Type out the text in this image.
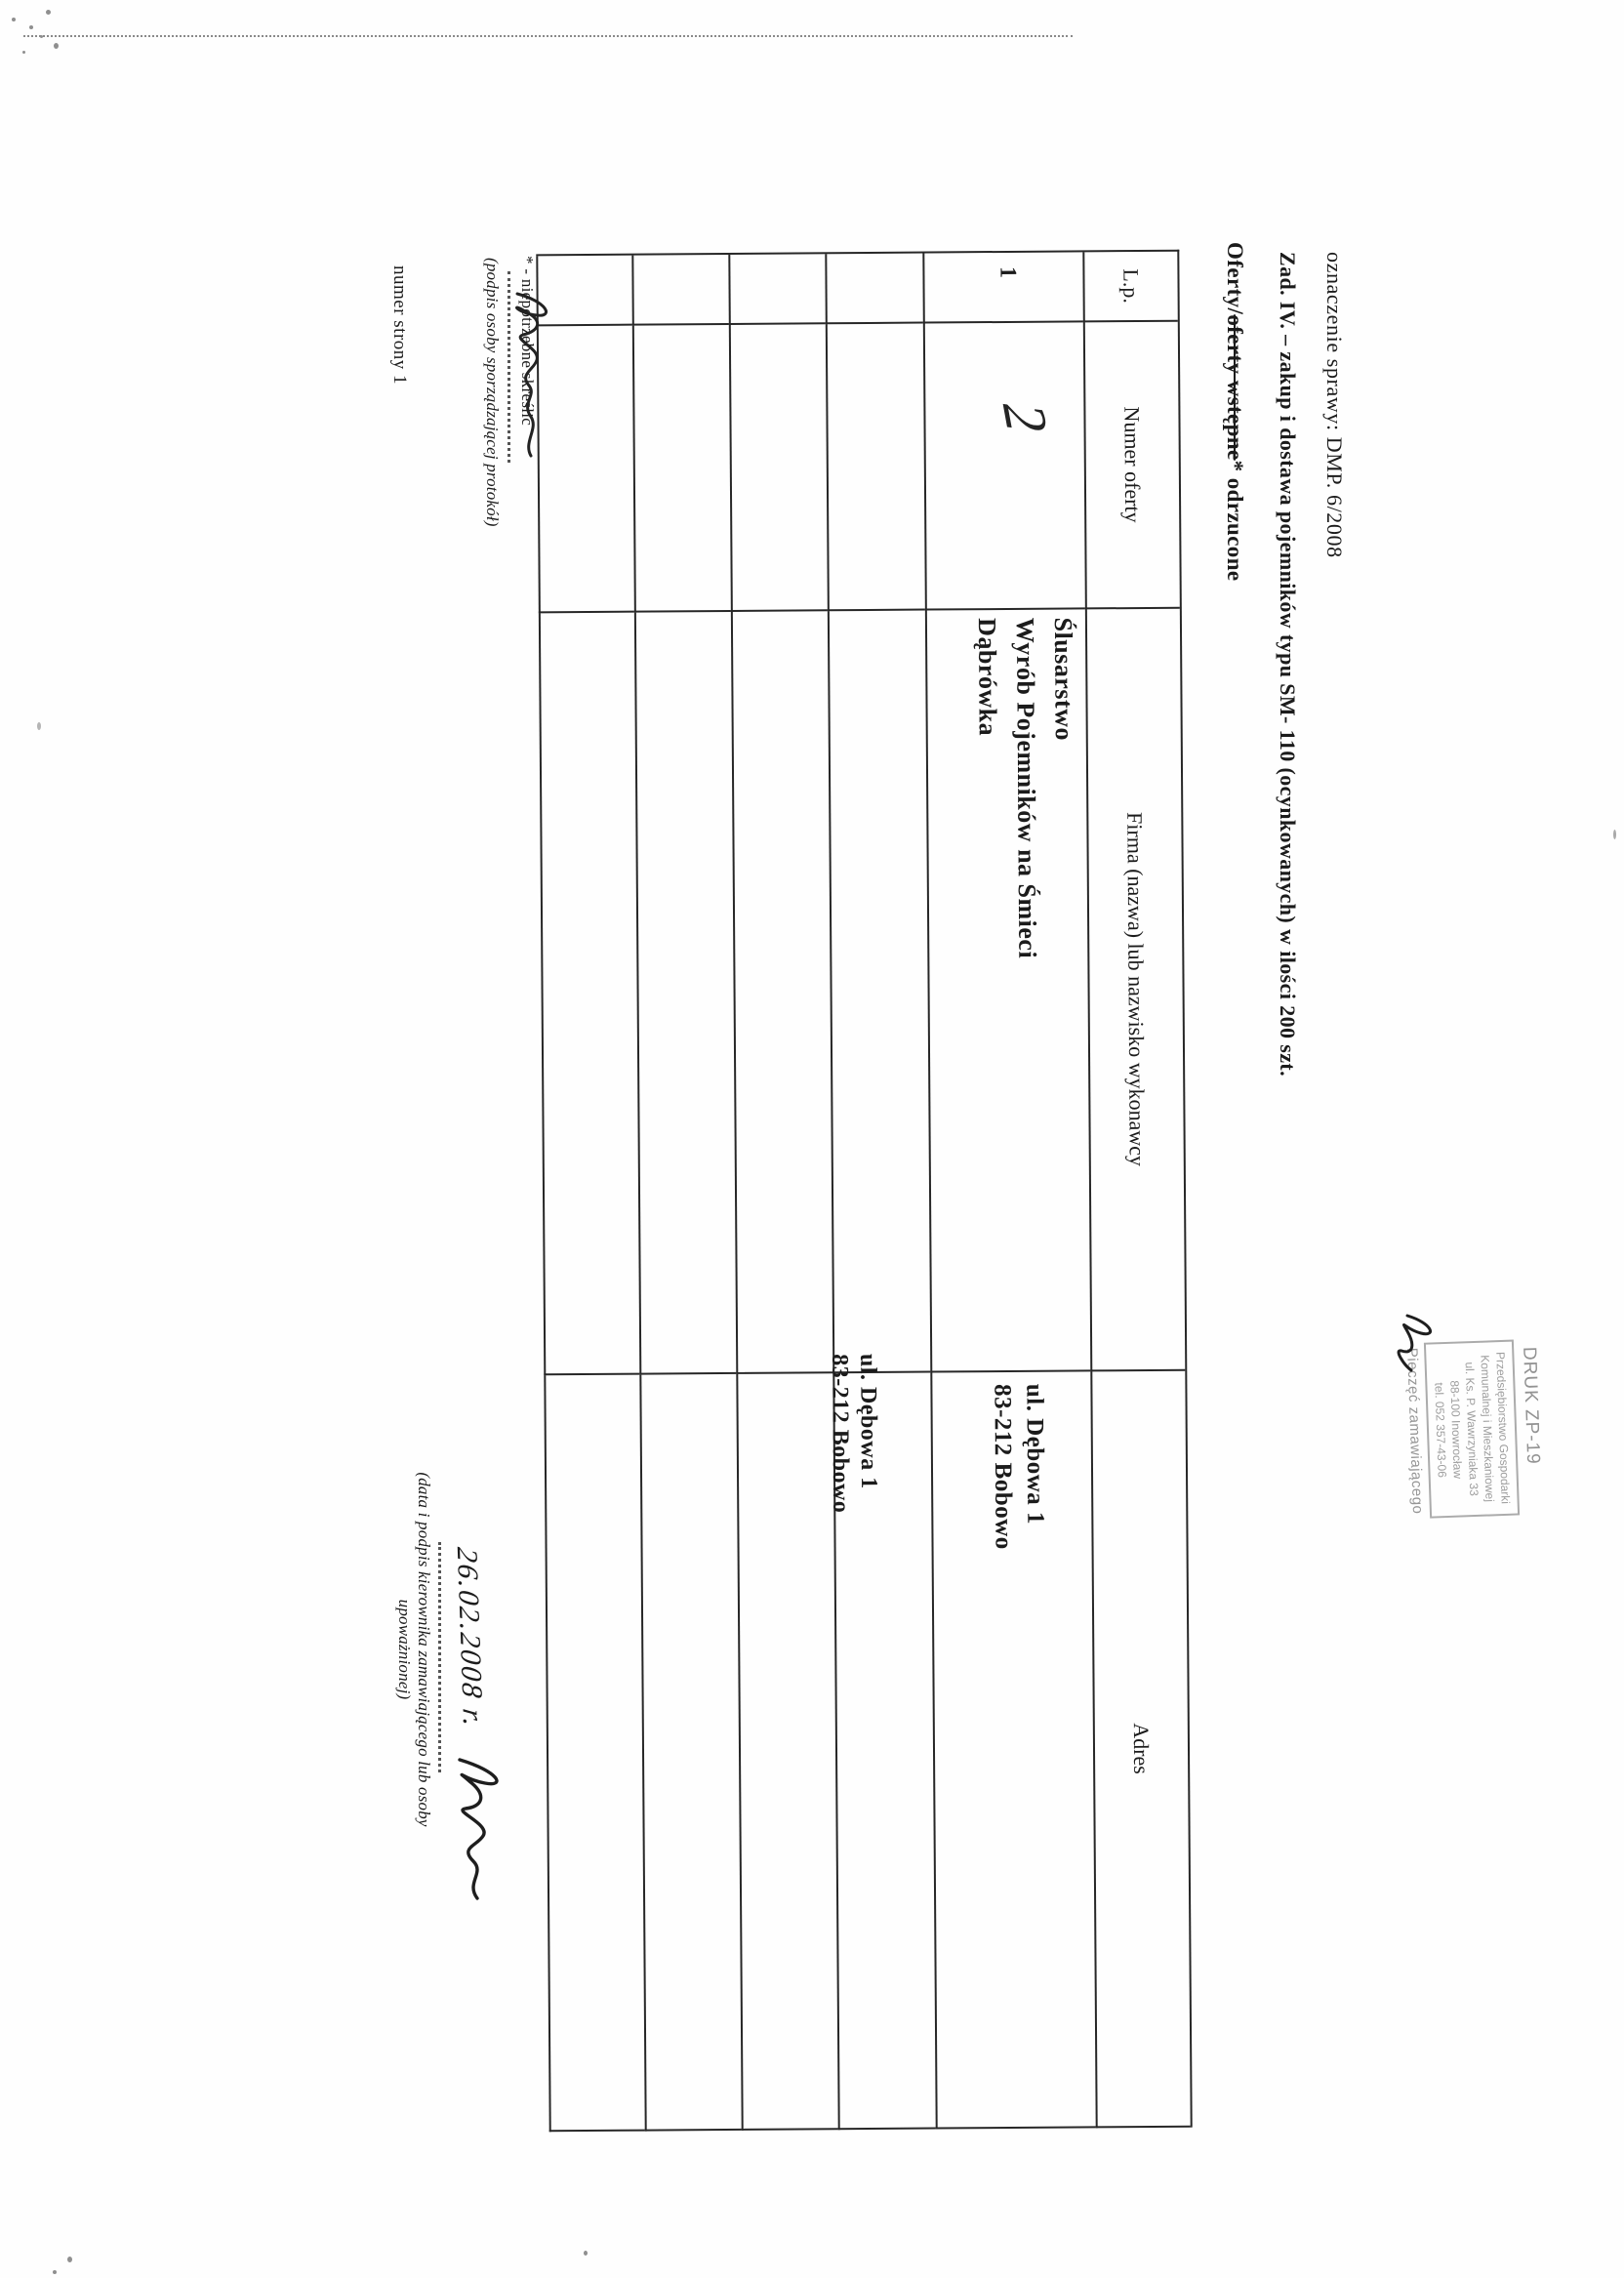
oznaczenie sprawy: DMP. 6/2008
Zad. IV. – zakup i dostawa pojemników typu SM- 110 (ocynkowanych) w ilości 200 szt.
Oferty/oferty wstępne* odrzucone
L.p.
Numer oferty
Firma (nazwa) lub nazwisko wykonawcy
Adres
1
2
Ślusarstwo
Wyrób Pojemników na Śmieci
Dąbrówka
ul. Dębowa 1
83-212 Bobowo
ul. Dębowa 1
83-212 Bobowo
* - niepotrzebne skreślić
(podpis osoby sporządzającej protokół)
26.02.2008 r.
(data i podpis kierownika zamawiającego lub osoby
upoważnionej)
numer strony 1
DRUK ZP-19
Przedsiębiorstwo Gospodarki
Komunalnej i Mieszkaniowej
ul. Ks. P. Wawrzyniaka 33
88-100 Inowrocław
tel. 052 357-43-06
Pieczęć zamawiającego
